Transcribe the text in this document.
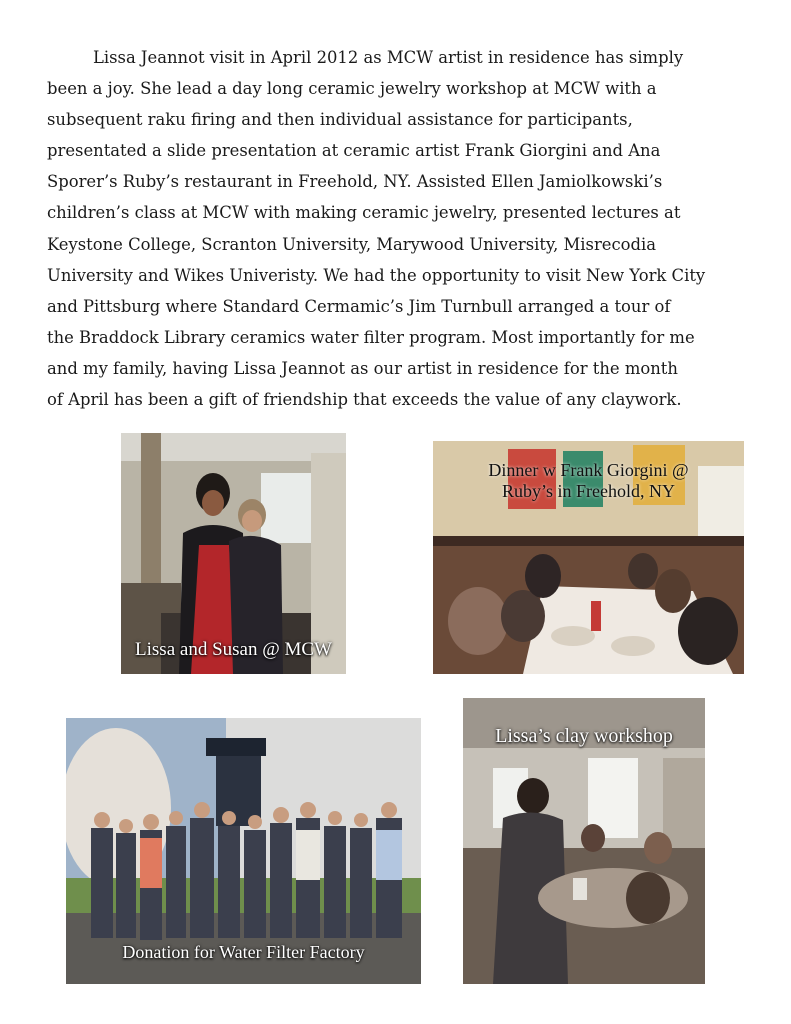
Lissa Jeannot visit in April 2012 as MCW artist in residence has simply
been a joy. She lead a day long ceramic jewelry workshop at MCW with a
subsequent raku firing and then individual assistance for participants,
presentated a slide presentation at ceramic artist Frank Giorgini and Ana
Sporer’s Ruby’s restaurant in Freehold, NY. Assisted Ellen Jamiolkowski’s
children’s class at MCW with making ceramic jewelry, presented lectures at
Keystone College, Scranton University, Marywood University, Misrecodia
University and Wikes Univeristy. We had the opportunity to visit New York City
and Pittsburg where Standard Cermamic’s Jim Turnbull arranged a tour of
the Braddock Library ceramics water filter program. Most importantly for me
and my family, having Lissa Jeannot as our artist in residence for the month
of April has been a gift of friendship that exceeds the value of any claywork.
Lissa and Susan @ MCW
Dinner w Frank Giorgini @
Ruby’s in Freehold, NY
Donation for Water Filter Factory
Lissa’s clay workshop
